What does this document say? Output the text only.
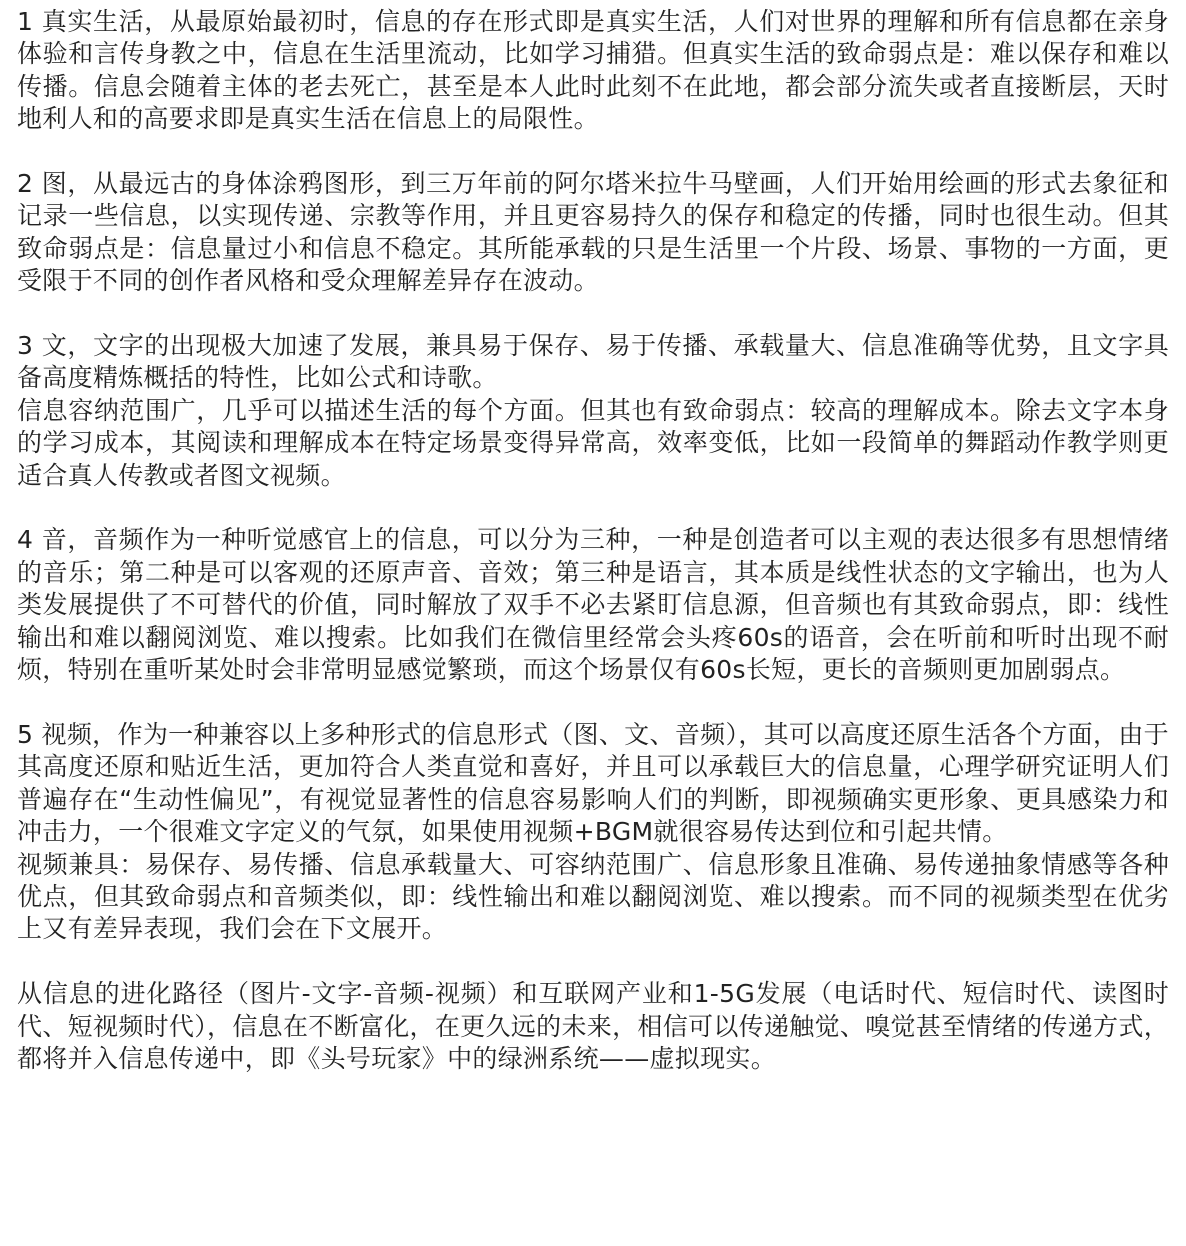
1 真实生活，从最原始最初时，信息的存在形式即是真实生活，人们对世界的理解和所有信息都在亲身体验和言传身教之中，信息在生活里流动，比如学习捕猎。但真实生活的致命弱点是：难以保存和难以传播。信息会随着主体的老去死亡，甚至是本人此时此刻不在此地，都会部分流失或者直接断层，天时地利人和的高要求即是真实生活在信息上的局限性。

2 图，从最远古的身体涂鸦图形，到三万年前的阿尔塔米拉牛马壁画，人们开始用绘画的形式去象征和记录一些信息，以实现传递、宗教等作用，并且更容易持久的保存和稳定的传播，同时也很生动。但其致命弱点是：信息量过小和信息不稳定。其所能承载的只是生活里一个片段、场景、事物的一方面，更受限于不同的创作者风格和受众理解差异存在波动。

3 文，文字的出现极大加速了发展，兼具易于保存、易于传播、承载量大、信息准确等优势，且文字具备高度精炼概括的特性，比如公式和诗歌。

信息容纳范围广，几乎可以描述生活的每个方面。但其也有致命弱点：较高的理解成本。除去文字本身的学习成本，其阅读和理解成本在特定场景变得异常高，效率变低，比如一段简单的舞蹈动作教学则更适合真人传教或者图文视频。

4 音，音频作为一种听觉感官上的信息，可以分为三种，一种是创造者可以主观的表达很多有思想情绪的音乐；第二种是可以客观的还原声音、音效；第三种是语言，其本质是线性状态的文字输出，也为人类发展提供了不可替代的价值，同时解放了双手不必去紧盯信息源，但音频也有其致命弱点，即：线性输出和难以翻阅浏览、难以搜索。比如我们在微信里经常会头疼60s的语音，会在听前和听时出现不耐烦，特别在重听某处时会非常明显感觉繁琐，而这个场景仅有60s长短，更长的音频则更加剧弱点。

5 视频，作为一种兼容以上多种形式的信息形式（图、文、音频），其可以高度还原生活各个方面，由于其高度还原和贴近生活，更加符合人类直觉和喜好，并且可以承载巨大的信息量，心理学研究证明人们普遍存在“生动性偏见”，有视觉显著性的信息容易影响人们的判断，即视频确实更形象、更具感染力和冲击力，一个很难文字定义的气氛，如果使用视频+BGM就很容易传达到位和引起共情。

视频兼具：易保存、易传播、信息承载量大、可容纳范围广、信息形象且准确、易传递抽象情感等各种优点，但其致命弱点和音频类似，即：线性输出和难以翻阅浏览、难以搜索。而不同的视频类型在优劣上又有差异表现，我们会在下文展开。

从信息的进化路径（图片-文字-音频-视频）和互联网产业和1-5G发展（电话时代、短信时代、读图时代、短视频时代），信息在不断富化，在更久远的未来，相信可以传递触觉、嗅觉甚至情绪的传递方式，都将并入信息传递中，即《头号玩家》中的绿洲系统——虚拟现实。
